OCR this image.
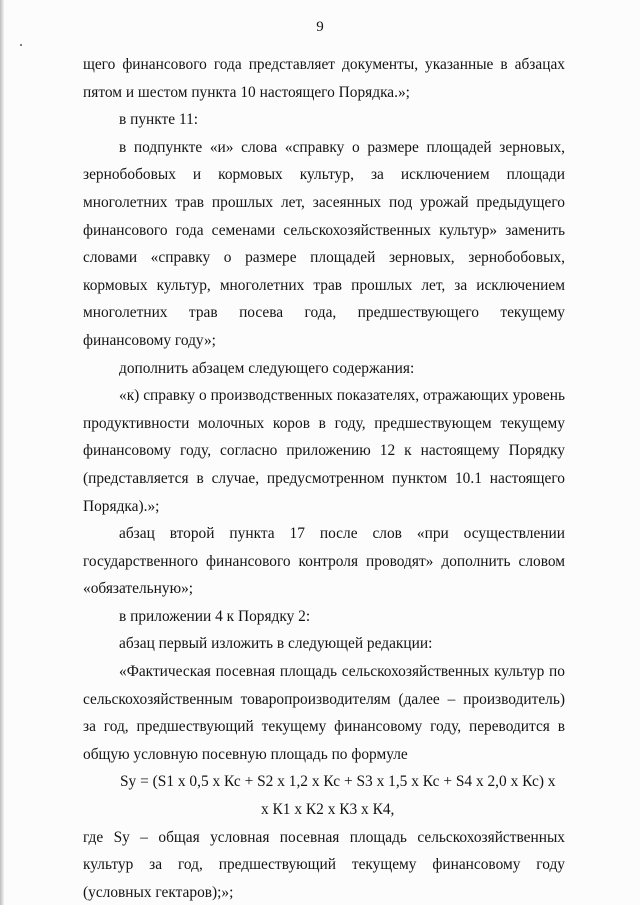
9

щего финансового года представляет документы, указанные в абзацах пятом и шестом пункта 10 настоящего Порядка.»;

в пункте 11:

в подпункте «и» слова «справку о размере площадей зерновых, зернобобовых и кормовых культур, за исключением площади многолетних трав прошлых лет, засеянных под урожай предыдущего финансового года семенами сельскохозяйственных культур» заменить словами «справку о размере площадей зерновых, зернобобовых, кормовых культур, многолетних трав прошлых лет, за исключением многолетних трав посева года, предшествующего текущему финансовому году»;

дополнить абзацем следующего содержания:

«к) справку о производственных показателях, отражающих уровень продуктивности молочных коров в году, предшествующем текущему финансовому году, согласно приложению 12 к настоящему Порядку (представляется в случае, предусмотренном пунктом 10.1 настоящего Порядка).»;

абзац второй пункта 17 после слов «при осуществлении государственного финансового контроля проводят» дополнить словом «обязательную»;

в приложении 4 к Порядку 2:

абзац первый изложить в следующей редакции:

«Фактическая посевная площадь сельскохозяйственных культур по сельскохозяйственным товаропроизводителям (далее – производитель) за год, предшествующий текущему финансовому году, переводится в общую условную посевную площадь по формуле

Sу = (S1 х 0,5 х Кс + S2 х 1,2 х Кс + S3 х 1,5 х Кс + S4 х 2,0 х Кс) х

х К1 х К2 х К3 х К4,

где Sу – общая условная посевная площадь сельскохозяйственных культур за год, предшествующий текущему финансовому году (условных гектаров);»;
